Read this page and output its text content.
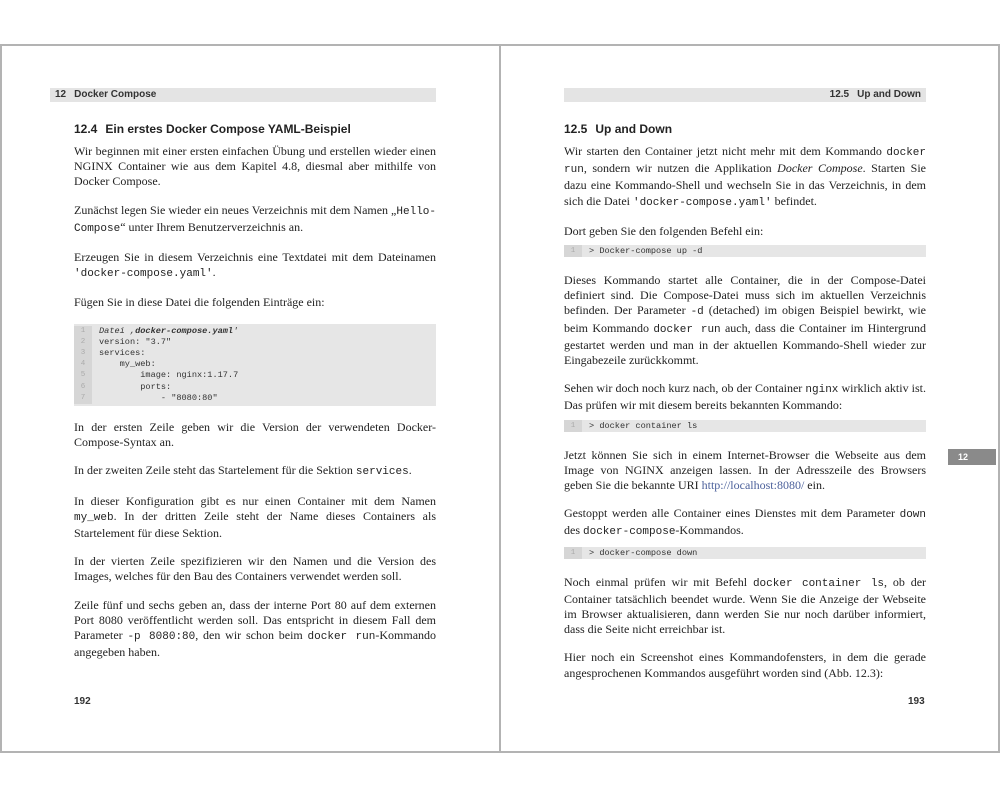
12 Docker Compose
12.4 Ein erstes Docker Compose YAML-Beispiel

Wir beginnen mit einer ersten einfachen Übung und erstellen wieder einen NGINX Container wie aus dem Kapitel 4.8, diesmal aber mithilfe von Docker Compose.

Zunächst legen Sie wieder ein neues Verzeichnis mit dem Namen „Hello-Compose“ unter Ihrem Benutzerverzeichnis an.

Erzeugen Sie in diesem Verzeichnis eine Textdatei mit dem Dateinamen 'docker-compose.yaml'.

Fügen Sie in diese Datei die folgenden Einträge ein:

1	Datei ,docker-compose.yaml'
2	version: "3.7"
3	services:
4	my_web:
5	image: nginx:1.17.7
6	ports:
7	- "8080:80"

In der ersten Zeile geben wir die Version der verwendeten Docker-Compose-Syntax an.

In der zweiten Zeile steht das Startelement für die Sektion services.

In dieser Konfiguration gibt es nur einen Container mit dem Namen my_web. In der dritten Zeile steht der Name dieses Containers als Startelement für diese Sektion.

In der vierten Zeile spezifizieren wir den Namen und die Version des Images, welches für den Bau des Containers verwendet werden soll.

Zeile fünf und sechs geben an, dass der interne Port 80 auf dem externen Port 8080 veröffentlicht werden soll. Das entspricht in diesem Fall dem Parameter -p 8080:80, den wir schon beim docker run-Kommando angegeben haben.

192
12.5 Up and Down
12.5 Up and Down

Wir starten den Container jetzt nicht mehr mit dem Kommando docker run, sondern wir nutzen die Applikation Docker Compose. Starten Sie dazu eine Kommando-Shell und wechseln Sie in das Verzeichnis, in dem sich die Datei 'docker-compose.yaml' befindet.

Dort geben Sie den folgenden Befehl ein:

1	> Docker-compose up -d

Dieses Kommando startet alle Container, die in der Compose-Datei definiert sind. Die Compose-Datei muss sich im aktuellen Verzeichnis befinden. Der Parameter -d (detached) im obigen Beispiel bewirkt, wie beim Kommando docker run auch, dass die Container im Hintergrund gestartet werden und man in der aktuellen Kommando-Shell wieder zur Eingabezeile zurückkommt.

Sehen wir doch noch kurz nach, ob der Container nginx wirklich aktiv ist. Das prüfen wir mit diesem bereits bekannten Kommando:

1	> docker container ls

Jetzt können Sie sich in einem Internet-Browser die Webseite aus dem Image von NGINX anzeigen lassen. In der Adresszeile des Browsers geben Sie die bekannte URI http://localhost:8080/ ein.

Gestoppt werden alle Container eines Dienstes mit dem Parameter down des docker-compose-Kommandos.

1	> docker-compose down

Noch einmal prüfen wir mit Befehl docker container ls, ob der Container tatsächlich beendet wurde. Wenn Sie die Anzeige der Webseite im Browser aktualisieren, dann werden Sie nur noch darüber informiert, dass die Seite nicht erreichbar ist.

Hier noch ein Screenshot eines Kommandofensters, in dem die gerade angesprochenen Kommandos ausgeführt worden sind (Abb. 12.3):

12
193
